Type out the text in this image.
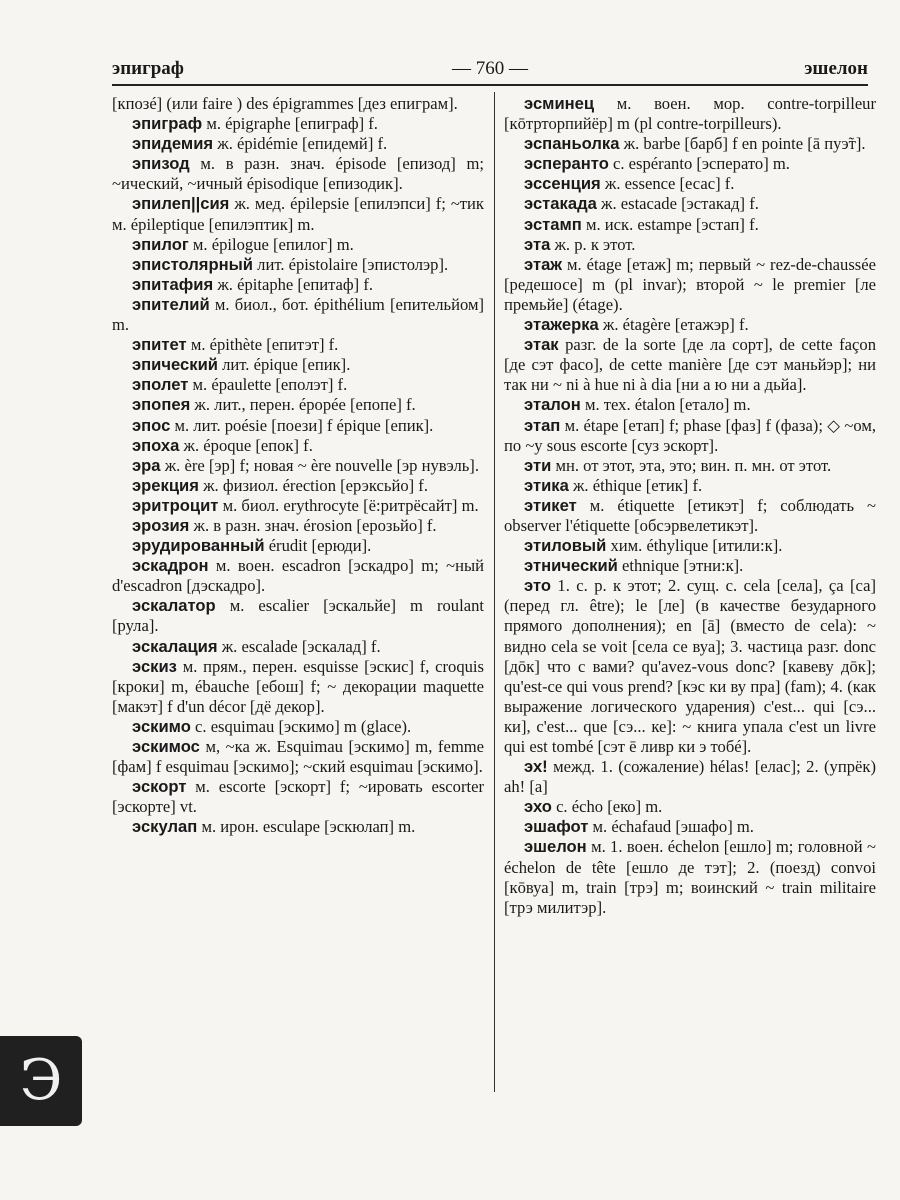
эпиграф	— 760 —	эшелон

[кпозé] (или faire ) des épigrammes [дез епиграм].

эпиграф м. épigraphe [епиграф] f.

эпидемия ж. épidémie [епидемй] f.

эпизод м. в разн. знач. épisode [епизод] m; ~ический, ~ичный épisodique [епизодик].

эпилеп||сия ж. мед. épilepsie [епилэпси] f; ~тик м. épileptique [епилэптик] m.

эпилог м. épilogue [епилог] m.

эпистолярный лит. épistolaire [эпистолэр].

эпитафия ж. épitaphe [епитаф] f.

эпителий м. биол., бот. épithélium [епительйом] m.

эпитет м. épithète [епитэт] f.

эпический лит. épique [епик].

эполет м. épaulette [еполэт] f.

эпопея ж. лит., перен. épopée [епопе] f.

эпос м. лит. poésie [поези] f épique [епик].

эпоха ж. époque [епок] f.

эра ж. ère [эр] f; новая ~ ère nouvelle [эр нувэль].

эрекция ж. физиол. érection [ерэксьйо] f.

эритроцит м. биол. erythrocyte [ё:ритрёсайт] m.

эрозия ж. в разн. знач. érosion [ерозьйо] f.

эрудированный érudit [ерюди].

эскадрон м. воен. escadron [эскадро] m; ~ный d'escadron [дэскадро].

эскалатор м. escalier [эскальйе] m roulant [рула].

эскалация ж. escalade [эскалад] f.

эскиз м. прям., перен. esquisse [эскис] f, croquis [кроки] m, ébauche [ебош] f; ~ декорации maquette [макэт] f d'un décor [дё декор].

эскимо с. esquimau [эскимо] m (glace).

эскимос м, ~ка ж. Esquimau [эскимо] m, femme [фам] f esquimau [эскимо]; ~ский esquimau [эскимо].

эскорт м. escorte [эскорт] f; ~ировать escorter [эскорте] vt.

эскулап м. ирон. esculape [эскюлап] m.

эсминец м. воен. мор. contre-torpilleur [кōтрторпийёр] m (pl contre-torpilleurs).

эспаньолка ж. barbe [барб] f en pointe [ā пуэ̃т].

эсперанто с. espéranto [эсперато] m.

эссенция ж. essence [есас] f.

эстакада ж. estacade [эстакад] f.

эстамп м. иск. estampe [эстап] f.

эта ж. р. к этот.

этаж м. étage [етаж] m; первый ~ rez-de-chaussée [редешосе] m (pl invar); второй ~ le premier [ле премьйе] (étage).

этажерка ж. étagère [етажэр] f.

этак разг. de la sorte [де ла сорт], de cette façon [де сэт фасо], de cette manière [де сэт маньйэр]; ни так ни ~ ni à hue ni à dia [ни а ю ни а дьйа].

эталон м. тех. étalon [етало] m.

этап м. étape [етап] f; phase [фаз] f (фаза); ◇ ~ом, по ~у sous escorte [суз эскорт].

эти мн. от этот, эта, это; вин. п. мн. от этот.

этика ж. éthique [етик] f.

этикет м. étiquette [етикэт] f; соблюдать ~ observer l'étiquette [обсэрвелетикэт].

этиловый хим. éthylique [итили:к].

этнический ethnique [этни:к].

это 1. с. р. к этот; 2. сущ. с. cela [села], ça [са] (перед гл. être); le [ле] (в качестве безударного прямого дополнения); en [ā] (вместо de cela): ~ видно cela se voit [села се вуа]; 3. частица разг. donc [дōк] что с вами? qu'avez-vous donc? [кавеву дōк]; qu'est-ce qui vous prend? [кэс ки ву пра] (fam); 4. (как выражение логического ударения) c'est... qui [сэ... ки], c'est... que [сэ... ке]: ~ книга упала c'est un livre qui est tombé [сэт ē ливр ки э тобé].

эх! межд. 1. (сожаление) hélas! [елас]; 2. (упрёк) ah! [а]

эхо с. écho [еко] m.

эшафот м. échafaud [эшафо] m.

эшелон м. 1. воен. échelon [ешло] m; головной ~ échelon de tête [ешло де тэт]; 2. (поезд) convoi [кōвуа] m, train [трэ] m; воинский ~ train militaire [трэ милитэр].

Э
